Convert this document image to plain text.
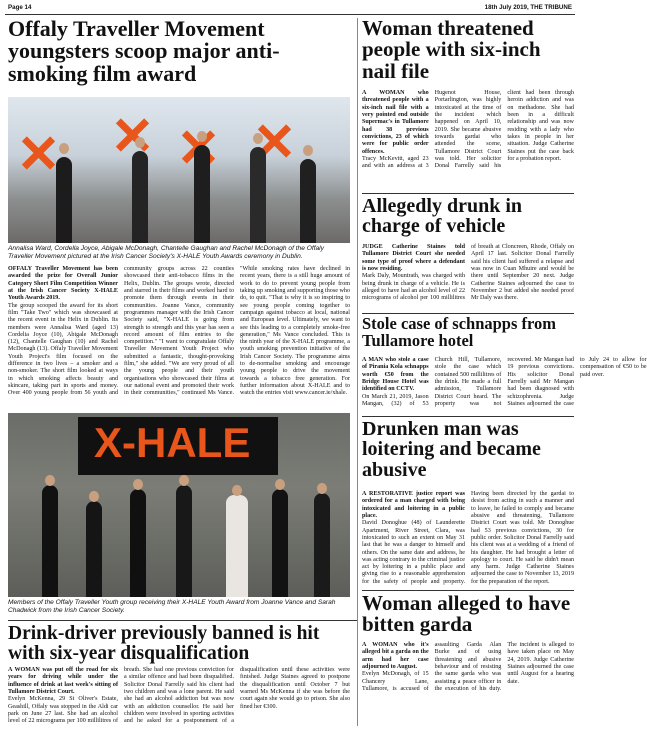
Page 14	18th July 2019, THE TRIBUNE
Offaly Traveller Movement youngsters scoop major anti-smoking film award
Annalisa Ward, Cordella Joyce, Abigale McDonagh, Chantelle Gaughan and Rachel McDonagh of the Offaly Traveller Movement pictured at the Irish Cancer Society's X-HALE Youth Awards ceremony in Dublin.
OFFALY Traveller Movement has been awarded the prize for Overall Junior Category Short Film Competition Winner at the Irish Cancer Society X-HALE Youth Awards 2019.
The group scooped the award for its short film "Take Two" which was showcased at the recent event in the Helix in Dublin. Its members were Annalisa Ward (aged 13) Cordelia Joyce (10), Abigale McDonagh (12), Chantelle Gaughan (10) and Rachel McDonagh (13). Offaly Traveller Movement Youth Project's film focused on the difference in two lives – a smoker and a non-smoker. The short film looked at ways in which smoking affects beauty and skincare, taking part in sports and money. Over 400 young people from 56 youth and community groups across 22 counties showcased their anti-tobacco films in the Helix, Dublin. The groups wrote, directed and starred in their films and worked hard to promote them through events in their communities. Joanne Vance, community programmes manager with the Irish Cancer Society said, "X-HALE is going from strength to strength and this year has seen a record amount of film entries to the competition." "I want to congratulate Offaly Traveller Movement Youth Project who submitted a fantastic, thought-provoking film," she added. "We are very proud of all the young people and their youth organisations who showcased their films at our national event and promoted their work in their communities," continued Ms Vance. "While smoking rates have declined in recent years, there is a still huge amount of work to do to prevent young people from taking up smoking and supporting those who do, to quit. "That is why it is so inspiring to see young people coming together to campaign against tobacco at local, national and European level. Ultimately, we want to see this leading to a completely smoke-free generation," Ms Vance concluded. This is the ninth year of the X-HALE programme, a youth smoking prevention initiative of the Irish Cancer Society. The programme aims to de-normalise smoking and encourage young people to drive the movement towards a tobacco free generation. For further information about X-HALE and to watch the entries visit www.cancer.ie/xhale.
X-HALE
Members of the Offaly Traveller Youth group receiving their X-HALE Youth Award from Joanne Vance and Sarah Chadwick from the Irish Cancer Society.
Drink-driver previously banned is hit with six-year disqualification
A WOMAN was put off the road for six years for driving while under the influence of drink at last week's sitting of Tullamore District Court.
Evelyn McKenna, 29 St Oliver's Estate, Geashill, Offaly was stopped in the Aldi car park on June 27 last. She had an alcohol level of 22 micrograms per 100 millilitres of breath. She had one previous conviction for a similar offence and had been disqualified. Solicitor Donal Farrelly said his client had two children and was a lone parent. He said she had an alcohol addiction but was now with an addiction counsellor. He said her children were involved in sporting activities and he asked for a postponement of a disqualification until these activities were finished. Judge Staines agreed to postpone the disqualification until October 7 but warned Ms McKenna if she was before the court again she would go to prison. She also fined her €300.
Woman threatened people with six-inch nail file
A WOMAN who threatened people with a six-inch nail file with a very pointed end outside Supermac's in Tullamore had 38 previous convictions, 23 of which were for public order offences.
Tracy McKevitt, aged 23 and with an address at 3 Hugenot House, Portarlington, was highly intoxicated at the time of the incident which happened on April 10, 2019. She became abusive towards gardai who attended the scene, Tullamore District Court was told. Her solicitor Donal Farrelly said his client had been through heroin addiction and was on methadone. She had been in a difficult relationship and was now residing with a lady who takes in people in her situation. Judge Catherine Staines put the case back for a probation report.
Allegedly drunk in charge of vehicle
JUDGE Catherine Staines told Tullamore District Court she needed some type of proof where a defendant is now residing.
Mark Daly, Mountrath, was charged with being drunk in charge of a vehicle. He is alleged to have had an alcohol level of 22 micrograms of alcohol per 100 millilitres of breath at Cloncreen, Rhode, Offaly on April 17 last. Solicitor Donal Farrelly said his client had suffered a relapse and was now in Cuan Mhuire and would be there until September 20 next. Judge Catherine Staines adjourned the case to November 2 but added she needed proof Mr Daly was there.
Stole case of schnapps from Tullamore hotel
A MAN who stole a case of Pirania Kola schnapps worth €50 from the Bridge House Hotel was identified on CCTV.
On March 21, 2019, Jason Mangan, (32) of 53 Church Hill, Tullamore, stole the case which contained 500 millilitres of the drink. He made a full admission, Tullamore District Court heard. The property was not recovered. Mr Mangan had 19 previous convictions. His solicitor Donal Farrelly said Mr Mangan had been diagnosed with schizophrenia. Judge Staines adjourned the case to July 24 to allow for compensation of €50 to be paid over.
Drunken man was loitering and became abusive
A RESTORATIVE justice report was ordered for a man charged with being intoxicated and loitering in a public place.
David Donoghue (48) of Launderette Apartment, River Street, Clara, was intoxicated to such an extent on May 31 last that he was a danger to himself and others. On the same date and address, he was acting contrary to the criminal justice act by loitering in a public place and giving rise to a reasonable apprehension for the safety of people and property. Having been directed by the gardai to desist from acting in such a manner and to leave, he failed to comply and became abusive and threatening, Tullamore District Court was told. Mr Donoghue had 53 previous convictions, 30 for public order. Solicitor Donal Farrelly said his client was at a wedding of a friend of his daughter. He had brought a letter of apology to court. He said he didn't mean any harm. Judge Catherine Staines adjourned the case to November 13, 2019 for the preparation of the report.
Woman alleged to have bitten garda
A WOMAN who it's alleged bit a garda on the arm had her case adjourned to August.
Evelyn McDonagh, of 15 Chancery Lane, Tullamore, is accused of assaulting Garda Alan Burke and of using threatening and abusive behaviour and of resisting the same garda who was assisting a peace officer in the execution of his duty. The incident is alleged to have taken place on May 24, 2019. Judge Catherine Staines adjourned the case until August for a hearing date.
